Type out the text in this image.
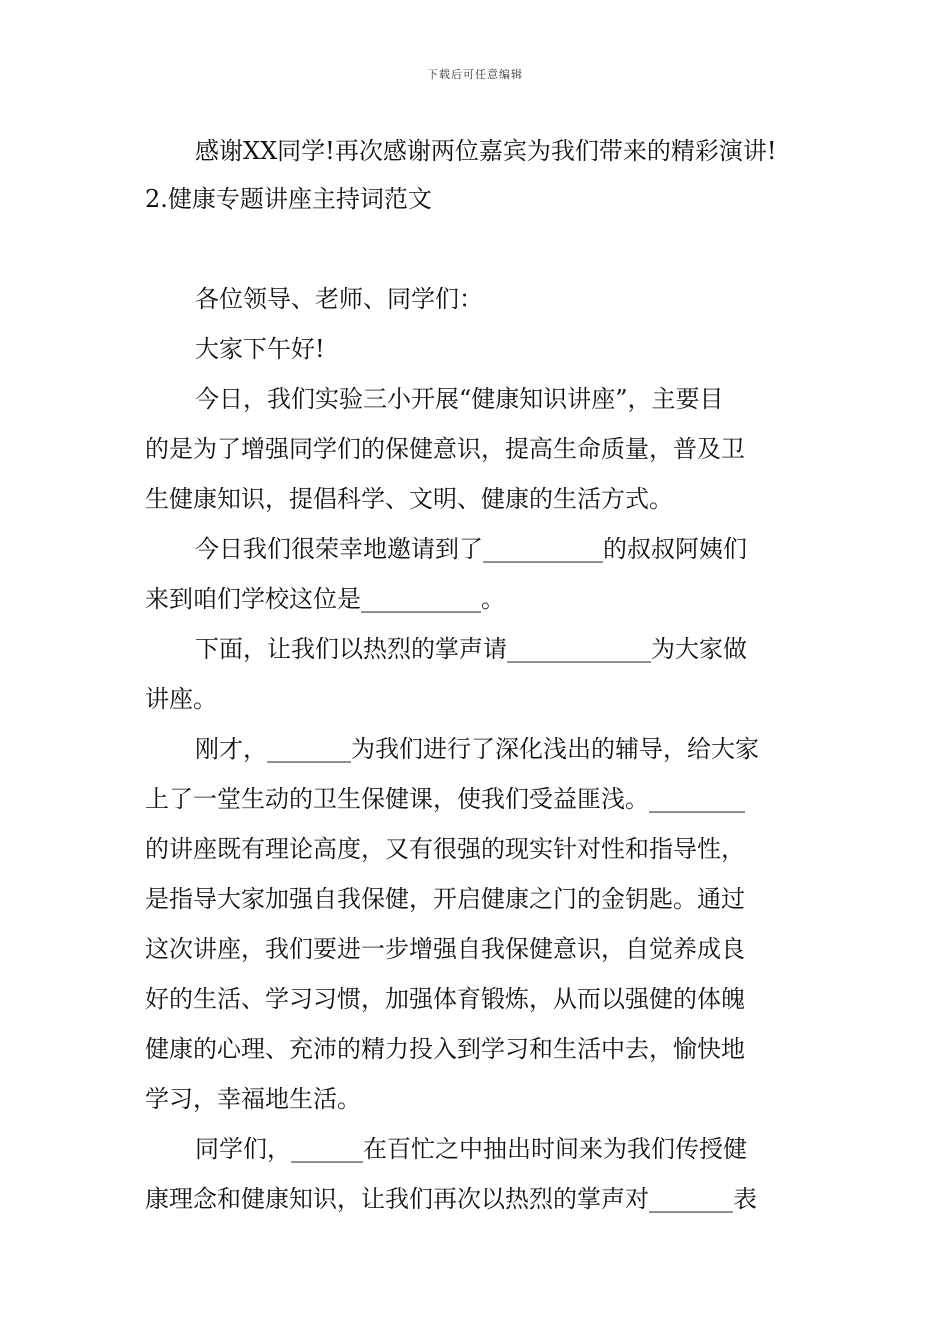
下载后可任意编辑
感谢XX同学!再次感谢两位嘉宾为我们带来的精彩演讲!
2.健康专题讲座主持词范文
各位领导、老师、同学们：
大家下午好!
今日，我们实验三小开展“健康知识讲座”，主要目
的是为了增强同学们的保健意识，提高生命质量，普及卫
生健康知识，提倡科学、文明、健康的生活方式。
今日我们很荣幸地邀请到了__________的叔叔阿姨们
来到咱们学校这位是__________。
下面，让我们以热烈的掌声请____________为大家做
讲座。
刚才，_______为我们进行了深化浅出的辅导，给大家
上了一堂生动的卫生保健课，使我们受益匪浅。________
的讲座既有理论高度，又有很强的现实针对性和指导性，
是指导大家加强自我保健，开启健康之门的金钥匙。通过
这次讲座，我们要进一步增强自我保健意识，自觉养成良
好的生活、学习习惯，加强体育锻炼，从而以强健的体魄
健康的心理、充沛的精力投入到学习和生活中去，愉快地
学习，幸福地生活。
同学们，______在百忙之中抽出时间来为我们传授健
康理念和健康知识，让我们再次以热烈的掌声对_______表
